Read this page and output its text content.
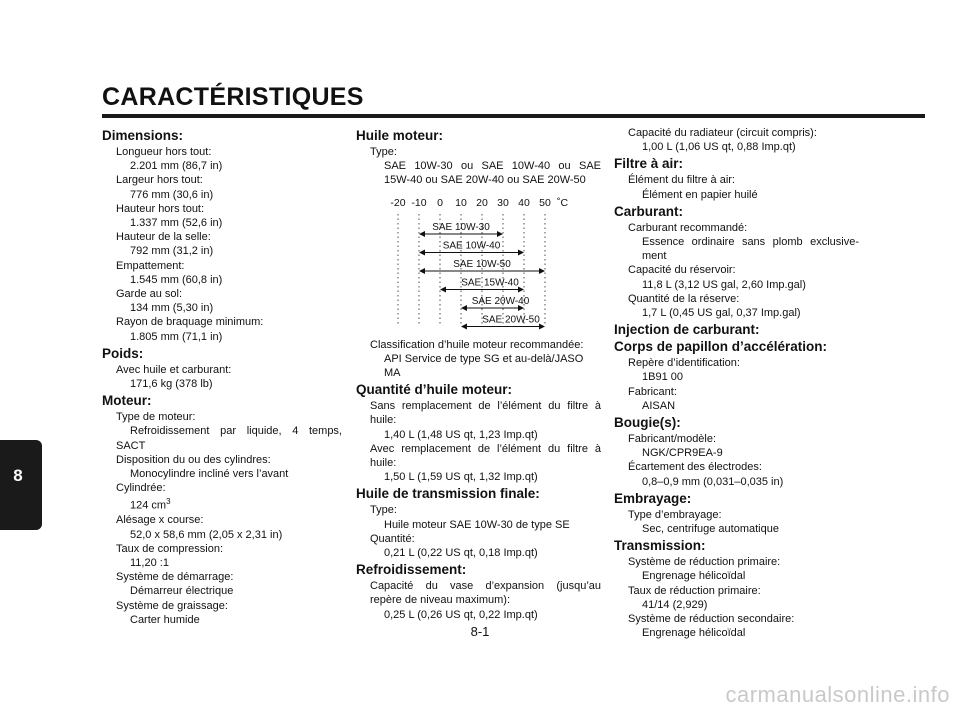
CARACTÉRISTIQUES
8
Dimensions:
Longueur hors tout:
2.201 mm (86,7 in)
Largeur hors tout:
776 mm (30,6 in)
Hauteur hors tout:
1.337 mm (52,6 in)
Hauteur de la selle:
792 mm (31,2 in)
Empattement:
1.545 mm (60,8 in)
Garde au sol:
134 mm (5,30 in)
Rayon de braquage minimum:
1.805 mm (71,1 in)
Poids:
Avec huile et carburant:
171,6 kg (378 lb)
Moteur:
Type de moteur:
Refroidissement par liquide, 4 temps,
SACT
Disposition du ou des cylindres:
Monocylindre incliné vers l’avant
Cylindrée:
124 $cm^3$
Alésage x course:
52,0 x 58,6 mm (2,05 x 2,31 in)
Taux de compression:
11,20 :1
Système de démarrage:
Démarreur électrique
Système de graissage:
Carter humide
Huile moteur:
Type:
SAE 10W-30 ou SAE 10W-40 ou SAE
15W-40 ou SAE 20W-40 ou SAE 20W-50
-20 -10 0 10 20 30 40 50 ˚C
SAE 10W-30
SAE 10W-40
SAE 10W-50
SAE 15W-40
SAE 20W-40
SAE 20W-50
Classification d’huile moteur recommandée:
API Service de type SG et au-delà/JASO
MA
Quantité d’huile moteur:
Sans remplacement de l’élément du filtre à
huile:
1,40 L (1,48 US qt, 1,23 Imp.qt)
Avec remplacement de l’élément du filtre à
huile:
1,50 L (1,59 US qt, 1,32 Imp.qt)
Huile de transmission finale:
Type:
Huile moteur SAE 10W-30 de type SE
Quantité:
0,21 L (0,22 US qt, 0,18 Imp.qt)
Refroidissement:
Capacité du vase d’expansion (jusqu’au
repère de niveau maximum):
0,25 L (0,26 US qt, 0,22 Imp.qt)
Capacité du radiateur (circuit compris):
1,00 L (1,06 US qt, 0,88 Imp.qt)
Filtre à air:
Élément du filtre à air:
Élément en papier huilé
Carburant:
Carburant recommandé:
Essence ordinaire sans plomb exclusive-
ment
Capacité du réservoir:
11,8 L (3,12 US gal, 2,60 Imp.gal)
Quantité de la réserve:
1,7 L (0,45 US gal, 0,37 Imp.gal)
Injection de carburant:
Corps de papillon d’accélération:
Repère d’identification:
1B91 00
Fabricant:
AISAN
Bougie(s):
Fabricant/modèle:
NGK/CPR9EA-9
Écartement des électrodes:
0,8–0,9 mm (0,031–0,035 in)
Embrayage:
Type d’embrayage:
Sec, centrifuge automatique
Transmission:
Système de réduction primaire:
Engrenage hélicoïdal
Taux de réduction primaire:
41/14 (2,929)
Système de réduction secondaire:
Engrenage hélicoïdal
8-1
carmanualsonline.info
